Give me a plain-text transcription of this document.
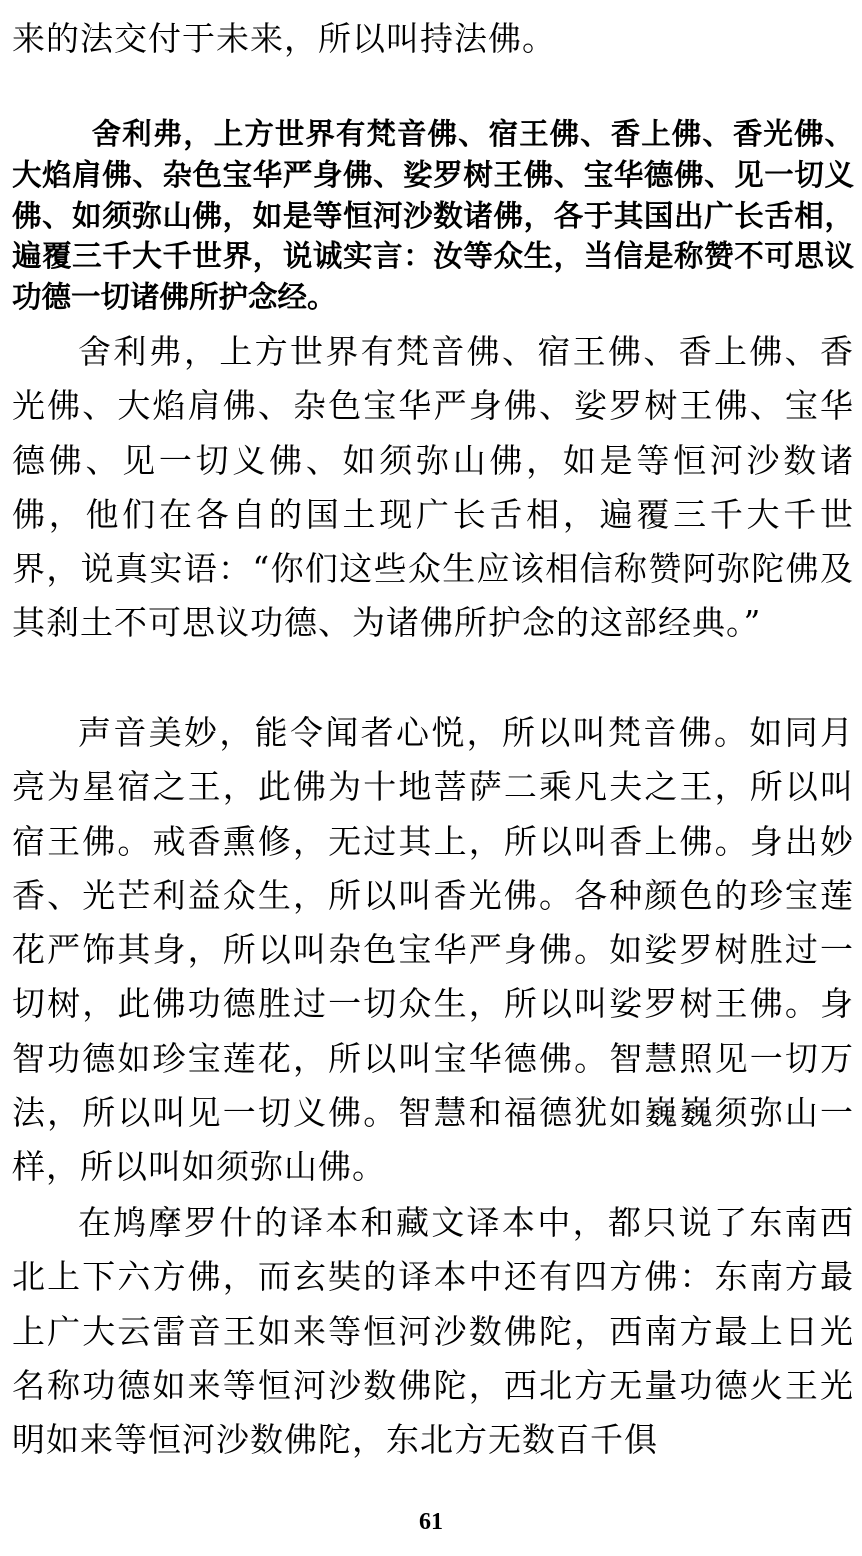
来的法交付于未来，所以叫持法佛。

舍利弗，上方世界有梵音佛、宿王佛、香上佛、香光佛、大焰肩佛、杂色宝华严身佛、娑罗树王佛、宝华德佛、见一切义佛、如须弥山佛，如是等恒河沙数诸佛，各于其国出广长舌相，遍覆三千大千世界，说诚实言：汝等众生，当信是称赞不可思议功德一切诸佛所护念经。

舍利弗，上方世界有梵音佛、宿王佛、香上佛、香光佛、大焰肩佛、杂色宝华严身佛、娑罗树王佛、宝华德佛、见一切义佛、如须弥山佛，如是等恒河沙数诸佛，他们在各自的国土现广长舌相，遍覆三千大千世界，说真实语：“你们这些众生应该相信称赞阿弥陀佛及其刹土不可思议功德、为诸佛所护念的这部经典。”

声音美妙，能令闻者心悦，所以叫梵音佛。如同月亮为星宿之王，此佛为十地菩萨二乘凡夫之王，所以叫宿王佛。戒香熏修，无过其上，所以叫香上佛。身出妙香、光芒利益众生，所以叫香光佛。各种颜色的珍宝莲花严饰其身，所以叫杂色宝华严身佛。如娑罗树胜过一切树，此佛功德胜过一切众生，所以叫娑罗树王佛。身智功德如珍宝莲花，所以叫宝华德佛。智慧照见一切万法，所以叫见一切义佛。智慧和福德犹如巍巍须弥山一样，所以叫如须弥山佛。

在鸠摩罗什的译本和藏文译本中，都只说了东南西北上下六方佛，而玄奘的译本中还有四方佛：东南方最上广大云雷音王如来等恒河沙数佛陀，西南方最上日光名称功德如来等恒河沙数佛陀，西北方无量功德火王光明如来等恒河沙数佛陀，东北方无数百千俱

61
